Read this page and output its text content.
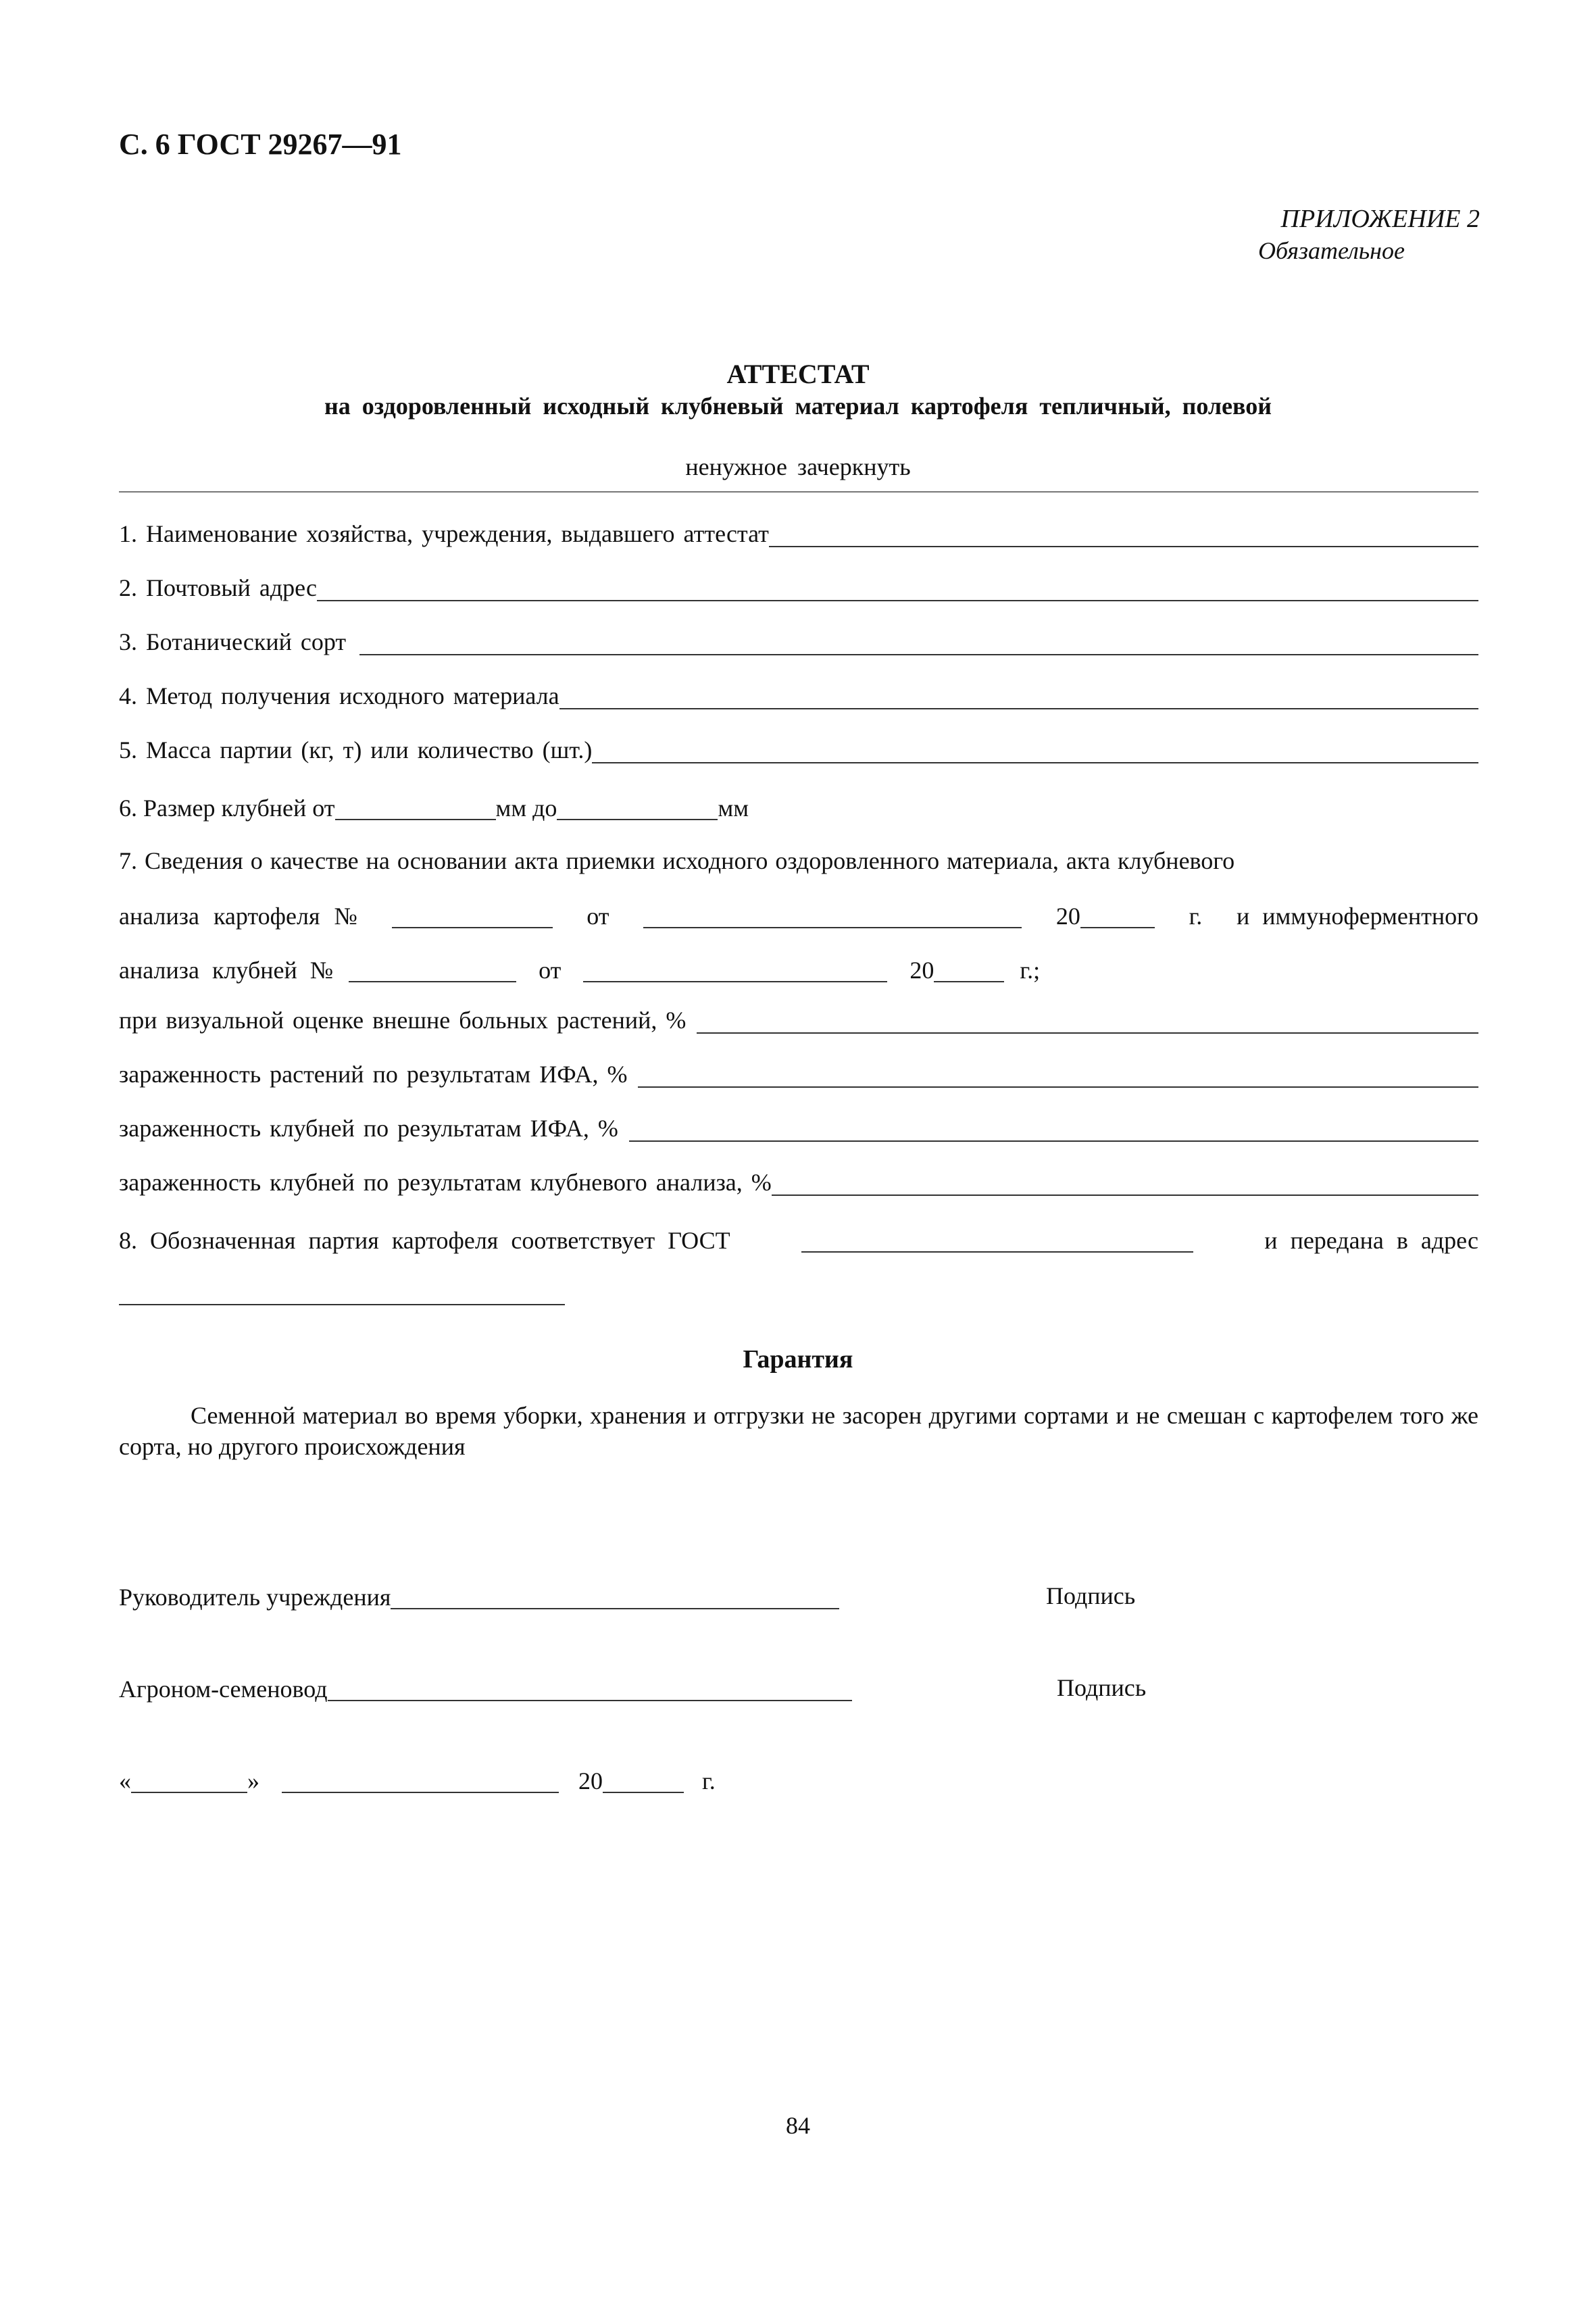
С. 6 ГОСТ 29267—91
ПРИЛОЖЕНИЕ 2
Обязательное
АТТЕСТАТ
на оздоровленный исходный клубневый материал картофеля тепличный, полевой
ненужное зачеркнуть
1. Наименование хозяйства, учреждения, выдавшего аттестат
2. Почтовый адрес
3. Ботанический сорт
4. Метод получения исходного материала
5. Масса партии (кг, т) или количество (шт.)
6. Размер клубней от	мм до	мм
7. Сведения о качестве на основании акта приемки исходного оздоровленного материала, акта клубневого
анализа картофеля №	от	20	г. и иммуноферментного
анализа клубней №	от	20	г.;
при визуальной оценке внешне больных растений, %
зараженность растений по результатам ИФА, %
зараженность клубней по результатам ИФА, %
зараженность клубней по результатам клубневого анализа, %
8. Обозначенная партия картофеля соответствует ГОСТ	и передана в адрес
Гарантия
Семенной материал во время уборки, хранения и отгрузки не засорен другими сортами и не смешан с картофелем того же сорта, но другого происхождения
Руководитель учреждения	Подпись
Агроном-семеновод	Подпись
«	»	20	г.
84
